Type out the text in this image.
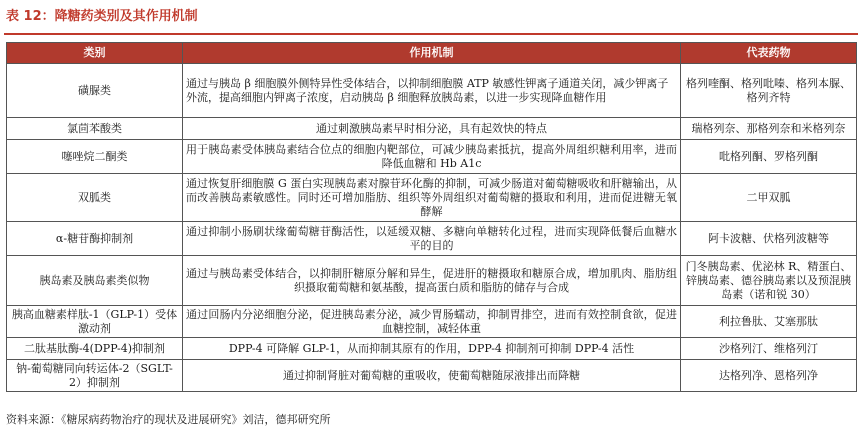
表 12：降糖药类别及其作用机制
类别	作用机制	代表药物
磺脲类	通过与胰岛 β 细胞膜外侧特异性受体结合，以抑制细胞膜 ATP 敏感性钾离子通道关闭，减少钾离子外流，提高细胞内钾离子浓度，启动胰岛 β 细胞释放胰岛素，以进一步实现降血糖作用	格列喹酮、格列吡嗪、格列本脲、格列齐特
氯茴苯酸类	通过刺激胰岛素早时相分泌，具有起效快的特点	瑞格列奈、那格列奈和米格列奈
噻唑烷二酮类	用于胰岛素受体胰岛素结合位点的细胞内靶部位，可减少胰岛素抵抗，提高外周组织糖利用率，进而降低血糖和 Hb A1c	吡格列酮、罗格列酮
双胍类	通过恢复肝细胞膜 G 蛋白实现胰岛素对腺苷环化酶的抑制，可减少肠道对葡萄糖吸收和肝糖输出，从而改善胰岛素敏感性。同时还可增加脂肪、组织等外周组织对葡萄糖的摄取和利用，进而促进糖无氧酵解	二甲双胍
α-糖苷酶抑制剂	通过抑制小肠刷状缘葡萄糖苷酶活性，以延缓双糖、多糖向单糖转化过程，进而实现降低餐后血糖水平的目的	阿卡波糖、伏格列波糖等
胰岛素及胰岛素类似物	通过与胰岛素受体结合，以抑制肝糖原分解和异生，促进肝的糖摄取和糖原合成，增加肌肉、脂肪组织摄取葡萄糖和氨基酸，提高蛋白质和脂肪的储存与合成	门冬胰岛素、优泌林 R、精蛋白、锌胰岛素、德谷胰岛素以及预混胰岛素（诺和锐 30）
胰高血糖素样肽-1（GLP-1）受体激动剂	通过回肠内分泌细胞分泌，促进胰岛素分泌，减少胃肠蠕动，抑制胃排空，进而有效控制食欲，促进血糖控制，减轻体重	利拉鲁肽、艾塞那肽
二肽基肽酶-4(DPP-4)抑制剂	DPP-4 可降解 GLP-1，从而抑制其原有的作用，DPP-4 抑制剂可抑制 DPP-4 活性	沙格列汀、维格列汀
钠-葡萄糖同向转运体-2（SGLT-2）抑制剂	通过抑制肾脏对葡萄糖的重吸收，使葡萄糖随尿液排出而降糖	达格列净、恩格列净
资料来源：《糖尿病药物治疗的现状及进展研究》刘洁，德邦研究所
